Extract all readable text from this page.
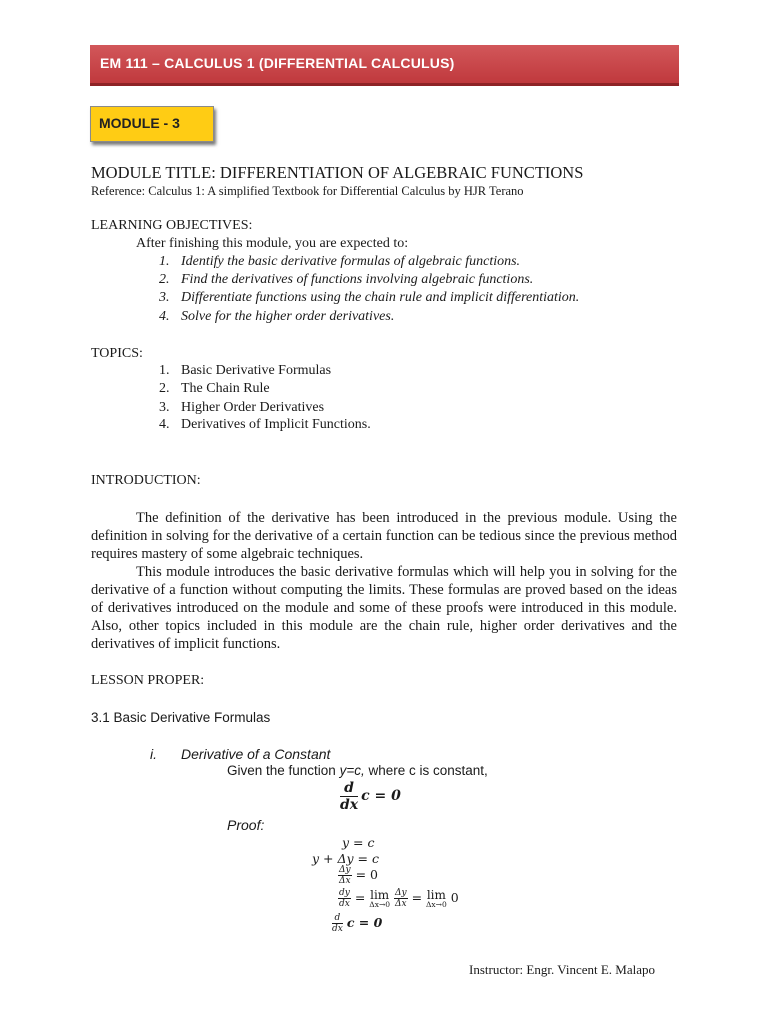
EM 111 – CALCULUS 1 (DIFFERENTIAL CALCULUS)
MODULE - 3
MODULE TITLE: DIFFERENTIATION OF ALGEBRAIC FUNCTIONS
Reference: Calculus 1: A simplified Textbook for Differential Calculus by HJR Terano
LEARNING OBJECTIVES:
After finishing this module, you are expected to:
1. Identify the basic derivative formulas of algebraic functions.
2. Find the derivatives of functions involving algebraic functions.
3. Differentiate functions using the chain rule and implicit differentiation.
4. Solve for the higher order derivatives.
TOPICS:
1. Basic Derivative Formulas
2. The Chain Rule
3. Higher Order Derivatives
4. Derivatives of Implicit Functions.
INTRODUCTION:

The definition of the derivative has been introduced in the previous module. Using the definition in solving for the derivative of a certain function can be tedious since the previous method requires mastery of some algebraic techniques.

This module introduces the basic derivative formulas which will help you in solving for the derivative of a function without computing the limits. These formulas are proved based on the ideas of derivatives introduced on the module and some of these proofs were introduced in this module. Also, other topics included in this module are the chain rule, higher order derivatives and the derivatives of implicit functions.

LESSON PROPER:
3.1 Basic Derivative Formulas
i. Derivative of a Constant
Given the function y=c, where c is constant,
$\frac{d}{dx}$ c = 0
Proof:
y = c
y + Δy = c
$\frac{\Delta y}{\Delta x} = 0$
$\frac{dy}{dx} = \lim$
Δx→0
$\frac{\Delta y}{\Delta x} = \lim$
Δx→0 0
$\frac{d}{dx}$ c = 0
Instructor: Engr. Vincent E. Malapo
